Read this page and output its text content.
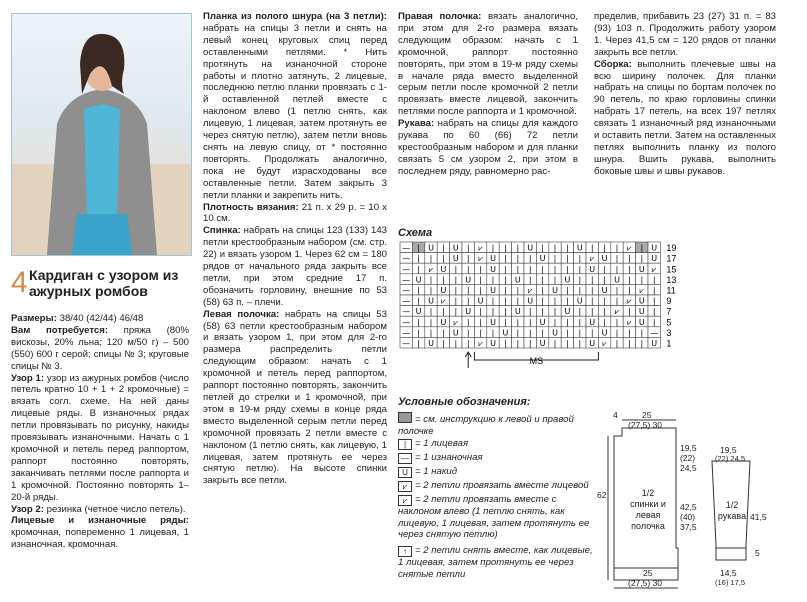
4 Кардиган с узором из ажурных ромбов

Размеры: 38/40 (42/44) 46/48

Вам потребуется: пряжа (80% вискозы, 20% льна; 120 м/50 г) – 500 (550) 600 г серой; спицы № 3; круговые спицы № 3.

Узор 1: узор из ажурных ромбов (число петель кратно 10 + 1 + 2 кромочные) = вязать согл. схеме. На ней даны лицевые ряды. В изнаночных рядах петли провязывать по рисунку, накиды провязывать изнаночными. Начать с 1 кромочной и петель перед раппортом, раппорт постоянно повторять, заканчивать петлями после раппорта и 1 кромочной. Постоянно повторять 1–20-й ряды.

Узор 2: резинка (четное число петель).

Лицевые и изнаночные ряды: кромочная, попеременно 1 лицевая, 1 изнаночная, кромочная.

Планка из полого шнура (на 3 петли): набрать на спицы 3 петли и снять на левый конец круговых спиц перед оставленными петлями. * Нить протянуть на изнаночной стороне работы и плотно затянуть, 2 лицевые, последнюю петлю планки провязать с 1-й оставленной петлей вместе с наклоном влево (1 петлю снять, как лицевую, 1 лицевая, затем протянуть ее через снятую петлю), затем петли вновь снять на левую спицу, от * постоянно повторять. Продолжать аналогично, пока не будут израсходованы все оставленные петли. Затем закрыть 3 петли планки и закрепить нить.

Плотность вязания: 21 п. х 29 р. = 10 х 10 см.

Спинка: набрать на спицы 123 (133) 143 петли крестообразным набором (см. стр. 22) и вязать узором 1. Через 62 см = 180 рядов от начального ряда закрыть все петли, при этом средние 17 п. обозначить горловину, внешние по 53 (58) 63 п. – плечи.

Левая полочка: набрать на спицы 53 (58) 63 петли крестообразным набором и вязать узором 1, при этом для 2-го размера распределить петли следующим образом: начать с 1 кромочной и петель перед раппортом, раппорт постоянно повторять, закончить петлей до стрелки и 1 кромочной, при этом в 19-м ряду схемы в конце ряда вместо выделенной серым петли перед кромочной провязать 2 петли вместе с наклоном (1 петлю снять, как лицевую, 1 лицевая, затем протянуть ее через снятую петлю). На высоте спинки закрыть все петли.

Правая полочка: вязать аналогично, при этом для 2-го размера вязать следующим образом: начать с 1 кромочной, раппорт постоянно повторять, при этом в 19-м ряду схемы в начале ряда вместо выделенной серым петли после кромочной 2 петли провязать вместе лицевой, закончить петлями после раппорта и 1 кромочной.

Рукава: набрать на спицы для каждого рукава по 60 (66) 72 петли крестообразным набором и для планки связать 5 см узором 2, при этом в последнем ряду, равномерно рас-

пределив, прибавить 23 (27) 31 п. = 83 (93) 103 п. Продолжить работу узором 1. Через 41,5 см = 120 рядов от планки закрыть все петли.

Сборка: выполнить плечевые швы на всю ширину полочек. Для планки набрать на спицы по бортам полочек по 90 петель, по краю горловины спинки набрать 17 петель, на всех 197 петлях связать 1 изнаночный ряд изнаночными и оставить петли. Затем на оставленных петлях выполнить планку из полого шнура. Вшить рукава, выполнить боковые швы и швы рукавов.

Схема
— | U | U | ⩗ | | | U | | | U | | | ⩗ | U 19
— | | | U | ⩗ U | | | U | | | ⩗ U | | | U 17
— | ⩗ U | | | U | | | | | | | U | | | U ⩗ 15
— U | | | U | | | U | | | U | | | U | | | 13
— | | U | | | U | | ⩗ | U | | | U | | ⩗ | 11
— | U ⩗ | | U | | | U | | | U | | | ⩗ U | 9
— U | | | U | | | U | | | U | | | ⩗ | U | 7
— | | U ⩗ | | U | | | U | | | U | | ⩗ U | 5
— | | | U | | | U | | | U | | | U | | | — 3
— | U | | | ⩗ U | | | U | | | U ⩗ | | | U 1
MS
Условные обозначения:
= см. инструкцию к левой и правой полочке
| = 1 лицевая
— = 1 изнаночная
U = 1 накид
⩗ = 2 петли провязать вместе лицевой
⩗ = 2 петли провязать вместе с наклоном влево (1 петлю снять, как лицевую, 1 лицевая, затем протянуть ее через снятую петлю)
↑ = 2 петли снять вместе, как лицевые, 1 лицевая, затем протянуть ее через снятые петли
4	25
(27,5) 30
19,5
(22)
24,5
62
42,5
(40)
37,5
1/2 спинки и левая полочка
25
(27,5) 30
19,5
(22) 24,5
41,5
1/2 рукава
5
14,5
(16) 17,5
